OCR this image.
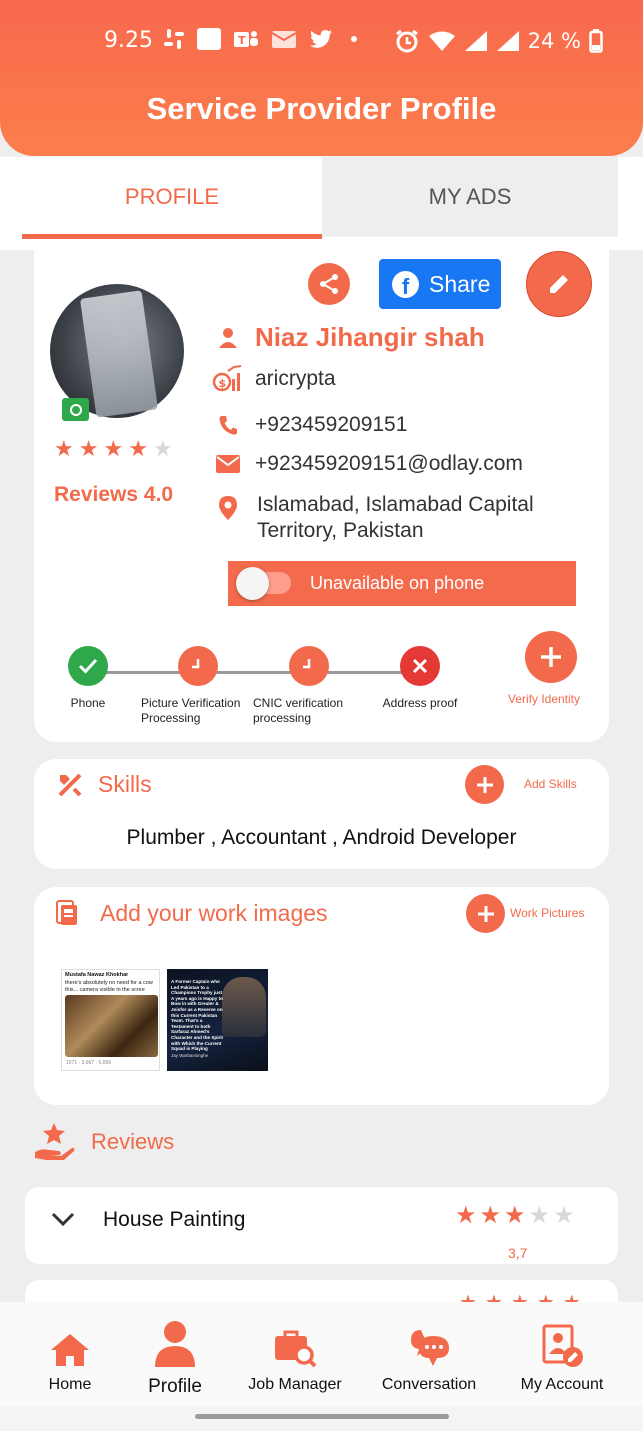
9.25	T	24 %
Service Provider Profile
PROFILE	MY ADS
★ ★ ★ ★ ★
Reviews 4.0
f Share
Niaz Jihangir shah
$ aricrypta
+923459209151
+923459209151@odlay.com
Islamabad, Islamabad Capital Territory, Pakistan
Unavailable on phone
Phone	Picture Verification Processing
CNIC verification processing
Address proof	Verify Identity
Skills	Add Skills
Plumber , Accountant , Android Developer
Add your work images	Work Pictures
Mustafa Nawaz Khokhar
there's absolutely no need for a cow this... camera visible in the scree
1571 · 3,667 · 5,899
A Former Captain who Led Pakistan to a Champions Trophy just A years ago is Happy to Bow in with Greater & Joisfor as a Reserve on this Current Pakistan Team. That's a Testament to both Sarfaraz Ahmed's Character and the Spirit with Which the Current Squad is Playing
Jay Warbansinghe
Reviews
House Painting	★ ★ ★ ★ ★
3,7
Home	Profile	Job Manager	Conversation	My Account
